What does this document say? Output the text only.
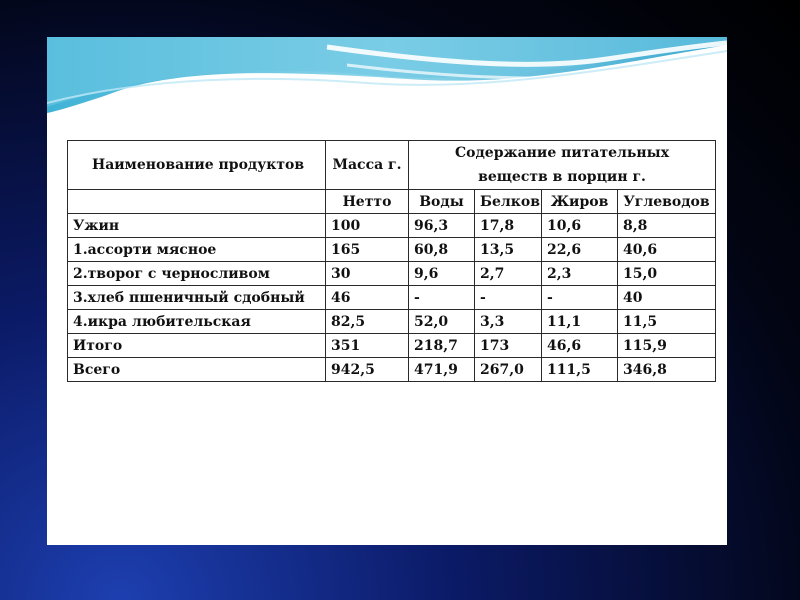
Наименование продуктов	Масса г.	Содержание питательных
веществ в порцин г.			

	Нетто	Воды	Белков	Жиров	Углеводов
Ужин	100	96,3	17,8	10,6	8,8
1.ассорти мясное	165	60,8	13,5	22,6	40,6
2.творог с черносливом	30	9,6	2,7	2,3	15,0
3.хлеб пшеничный сдобный	46	-	-	-	40
4.икра любительская	82,5	52,0	3,3	11,1	11,5
Итого	351	218,7	173	46,6	115,9
Всего	942,5	471,9	267,0	111,5	346,8
